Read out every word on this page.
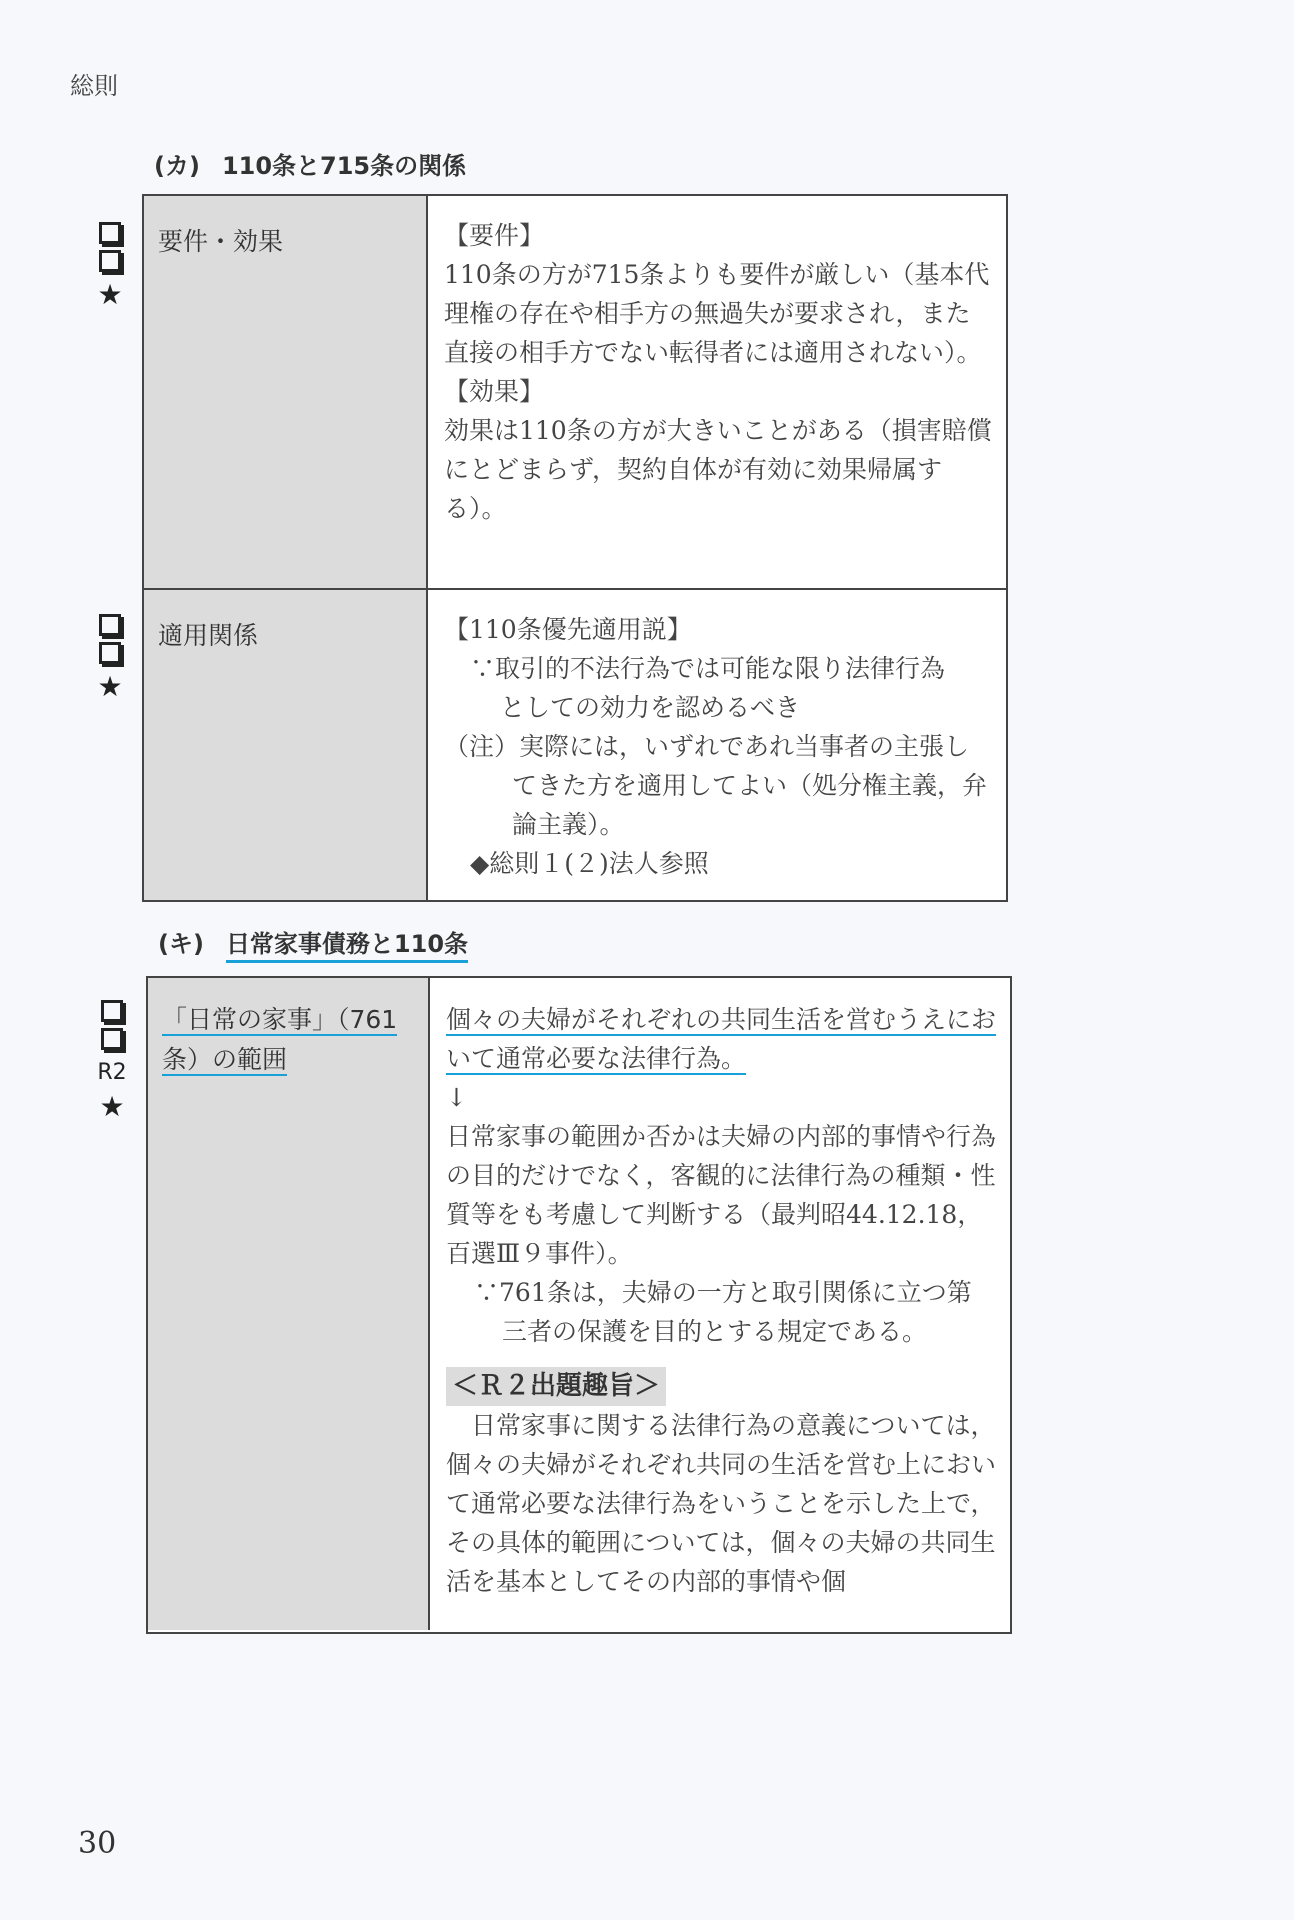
総則
(カ) 110条と715条の関係
★
★
要件・効果	【要件】

110条の方が715条よりも要件が厳しい（基本代理権の存在や相手方の無過失が要求され，また直接の相手方でない転得者には適用されない）。

【効果】

効果は110条の方が大きいことがある（損害賠償にとどまらず，契約自体が有効に効果帰属する）。

適用関係	【110条優先適用説】

∵取引的不法行為では可能な限り法律行為

としての効力を認めるべき

（注）実際には，いずれであれ当事者の主張してきた方を適用してよい（処分権主義，弁論主義）。

◆総則１(２)法人参照

(キ) 日常家事債務と110条
R2
★
「日常の家事」（761条）の範囲

個々の夫婦がそれぞれの共同生活を営むうえにおいて通常必要な法律行為。

↓

日常家事の範囲か否かは夫婦の内部的事情や行為の目的だけでなく，客観的に法律行為の種類・性質等をも考慮して判断する（最判昭44.12.18，百選Ⅲ９事件）。

∵761条は，夫婦の一方と取引関係に立つ第三者の保護を目的とする規定である。

＜Ｒ２出題趣旨＞

日常家事に関する法律行為の意義については，個々の夫婦がそれぞれ共同の生活を営む上において通常必要な法律行為をいうことを示した上で，その具体的範囲については，個々の夫婦の共同生活を基本としてその内部的事情や個

30
